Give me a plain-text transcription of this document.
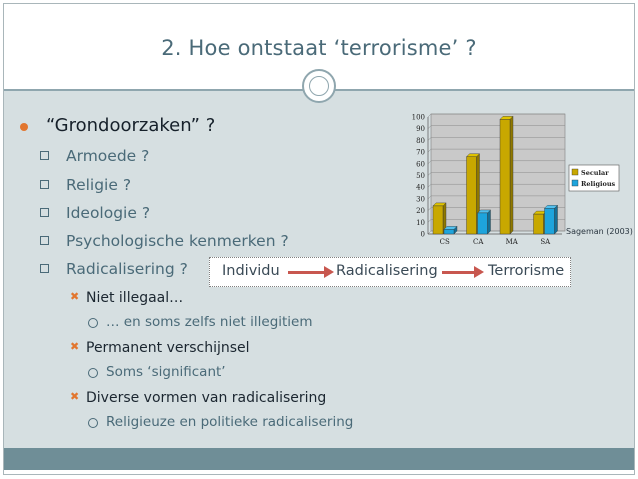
2. Hoe ontstaat ‘terrorisme’ ?
“Grondoorzaken” ?
Armoede ?
Religie ?
Ideologie ?
Psychologische kenmerken ?
Radicalisering ? Individu	Radicalisering	Terrorisme
✖ Niet illegaal…
… en soms zelfs niet illegitiem
✖ Permanent verschijnsel
Soms ‘significant’
✖ Diverse vormen van radicalisering
Religieuze en politieke radicalisering
0
10
20
30
40
50
60
70
80
90
100
CS	CA	MA	SA
Secular
Religious
Sageman (2003)
